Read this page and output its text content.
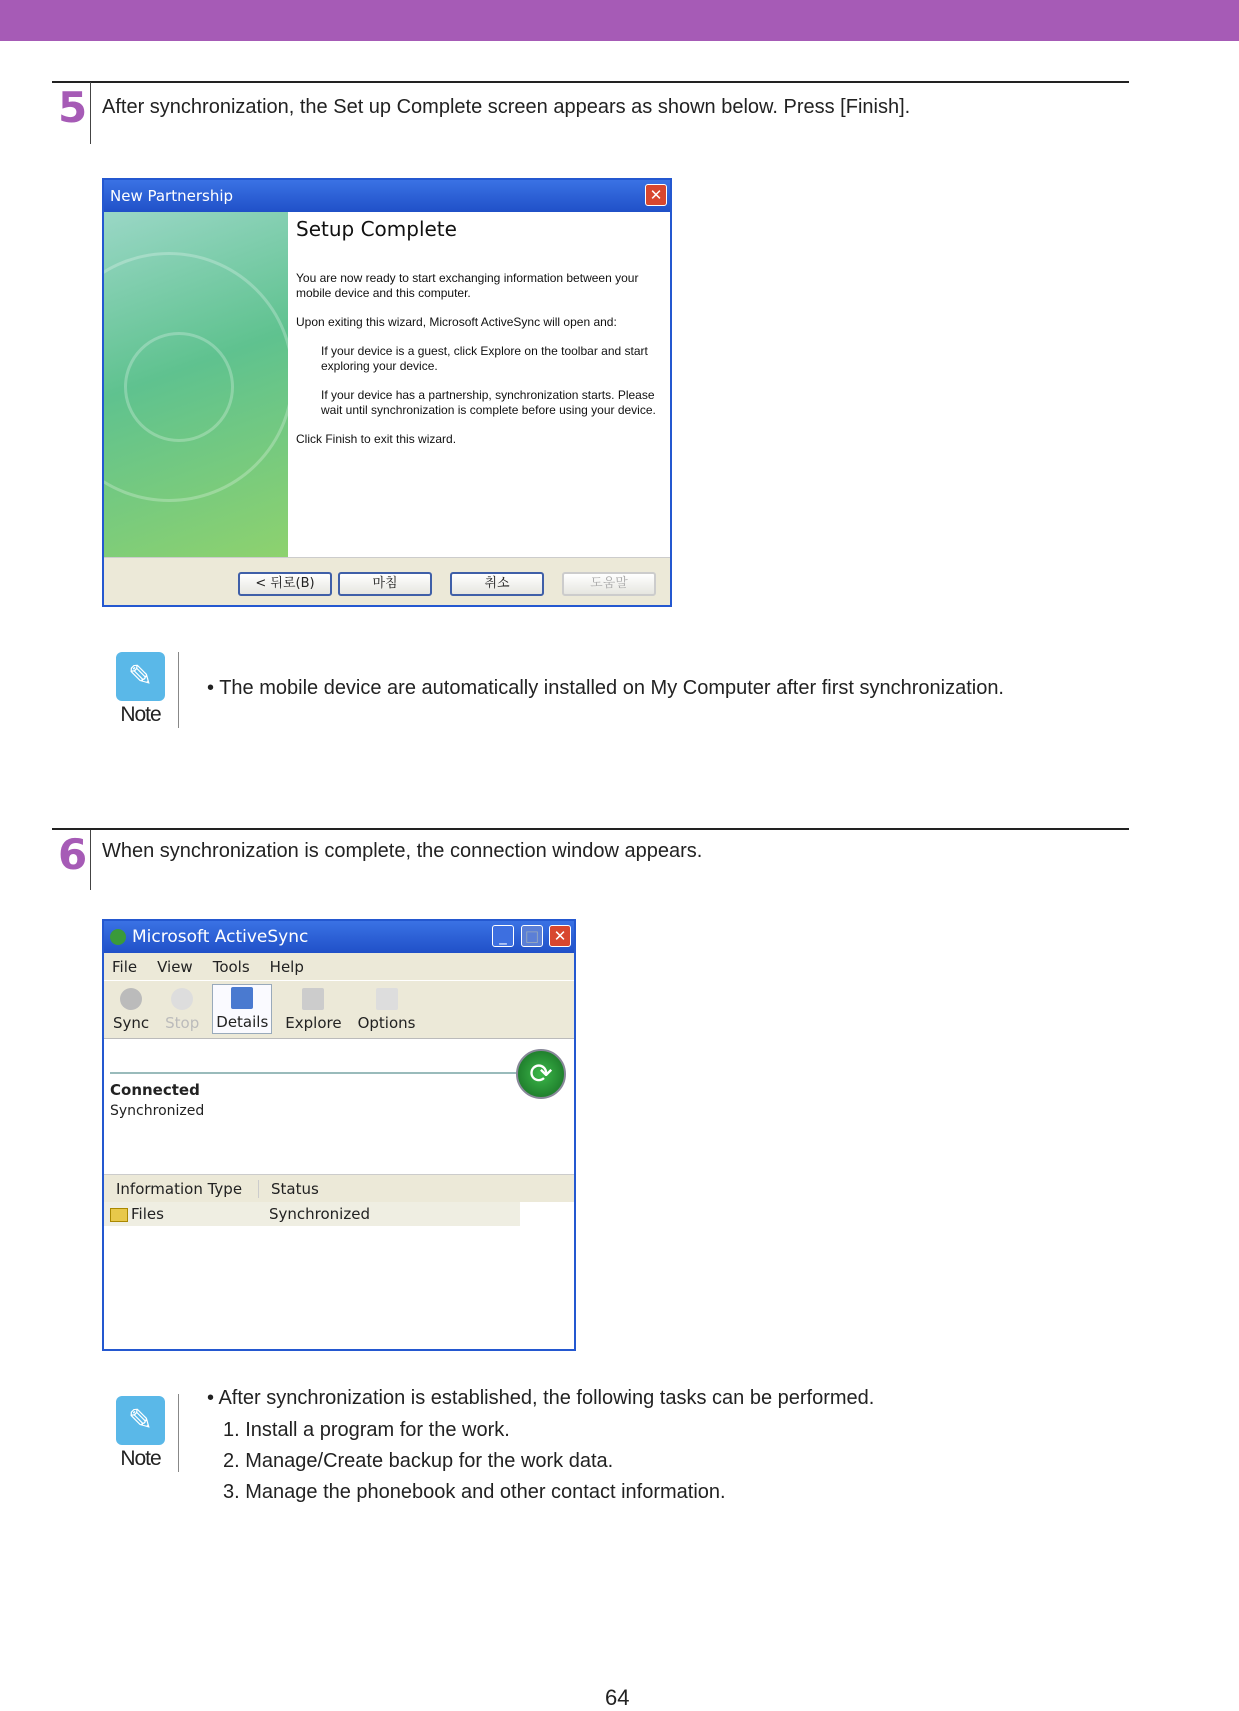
5 After synchronization, the Set up Complete screen appears as shown below. Press [Finish].
New Partnership	✕
Setup Complete

You are now ready to start exchanging information between your mobile device and this computer.

Upon exiting this wizard, Microsoft ActiveSync will open and:

If your device is a guest, click Explore on the toolbar and start exploring your device.

If your device has a partnership, synchronization starts. Please wait until synchronization is complete before using your device.

Click Finish to exit this wizard.

< 뒤로(B)	마침	취소	도움말
✎
Note
• The mobile device are automatically installed on My Computer after first synchronization.
6 When synchronization is complete, the connection window appears.
Microsoft ActiveSync	_	□ ✕
File View Tools Help
Sync Stop Details Explore Options
⟳
Connected
Synchronized
Information Type	Status
Files	Synchronized
✎
Note
• After synchronization is established, the following tasks can be performed.
1. Install a program for the work.
2. Manage/Create backup for the work data.
3. Manage the phonebook and other contact information.
64
